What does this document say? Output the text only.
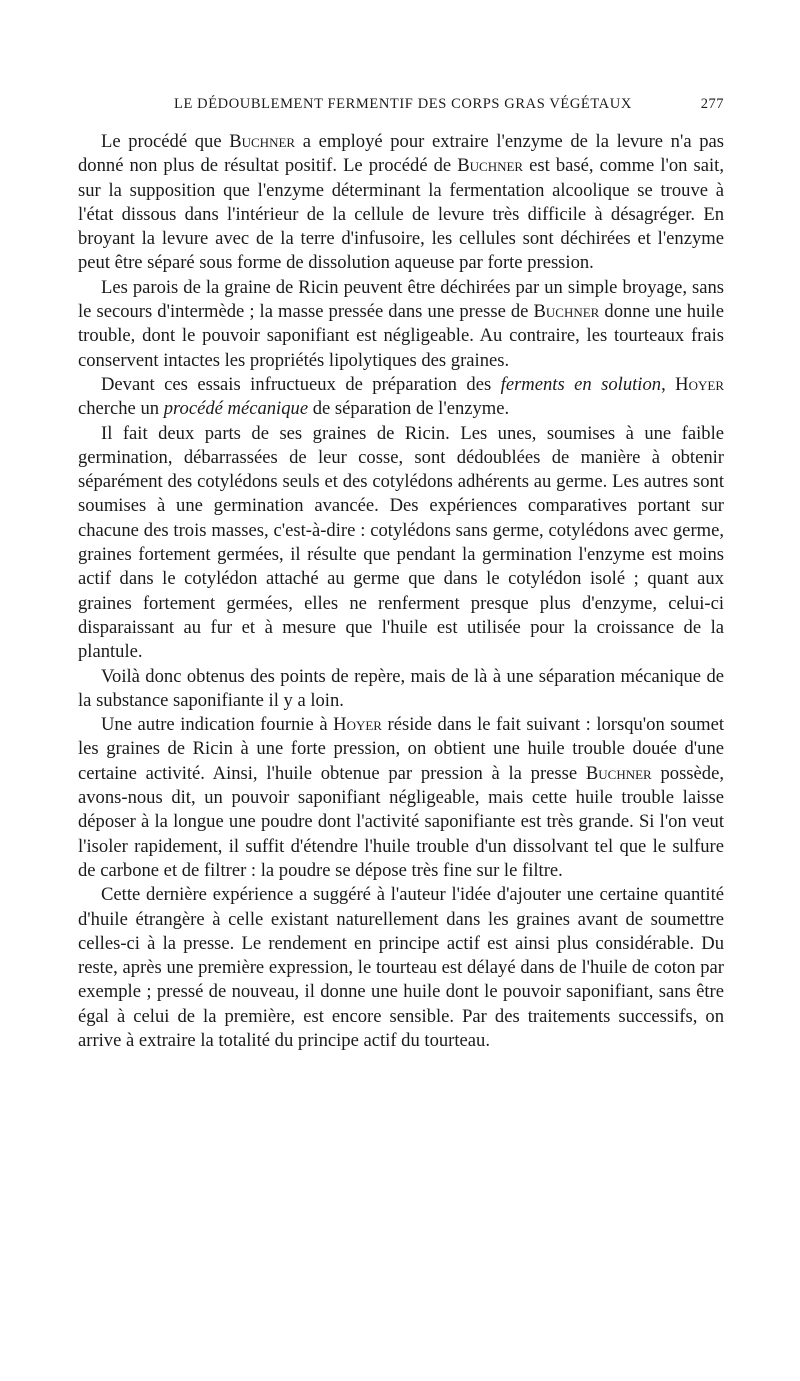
LE DÉDOUBLEMENT FERMENTIF DES CORPS GRAS VÉGÉTAUX	277

Le procédé que Buchner a employé pour extraire l'enzyme de la levure n'a pas donné non plus de résultat positif. Le procédé de Buchner est basé, comme l'on sait, sur la supposition que l'enzyme déterminant la fermentation alcoolique se trouve à l'état dissous dans l'intérieur de la cellule de levure très difficile à désagréger. En broyant la levure avec de la terre d'infusoire, les cellules sont déchirées et l'enzyme peut être séparé sous forme de dissolution aqueuse par forte pression.

Les parois de la graine de Ricin peuvent être déchirées par un simple broyage, sans le secours d'intermède ; la masse pressée dans une presse de Buchner donne une huile trouble, dont le pouvoir saponifiant est négligeable. Au contraire, les tourteaux frais conservent intactes les propriétés lipolytiques des graines.

Devant ces essais infructueux de préparation des ferments en solution, Hoyer cherche un procédé mécanique de séparation de l'enzyme.

Il fait deux parts de ses graines de Ricin. Les unes, soumises à une faible germination, débarrassées de leur cosse, sont dédoublées de manière à obtenir séparément des cotylédons seuls et des cotylédons adhérents au germe. Les autres sont soumises à une germination avancée. Des expériences comparatives portant sur chacune des trois masses, c'est-à-dire : cotylédons sans germe, cotylédons avec germe, graines fortement germées, il résulte que pendant la germination l'enzyme est moins actif dans le cotylédon attaché au germe que dans le cotylédon isolé ; quant aux graines fortement germées, elles ne renferment presque plus d'enzyme, celui-ci disparaissant au fur et à mesure que l'huile est utilisée pour la croissance de la plantule.

Voilà donc obtenus des points de repère, mais de là à une séparation mécanique de la substance saponifiante il y a loin.

Une autre indication fournie à Hoyer réside dans le fait suivant : lorsqu'on soumet les graines de Ricin à une forte pression, on obtient une huile trouble douée d'une certaine activité. Ainsi, l'huile obtenue par pression à la presse Buchner possède, avons-nous dit, un pouvoir saponifiant négligeable, mais cette huile trouble laisse déposer à la longue une poudre dont l'activité saponifiante est très grande. Si l'on veut l'isoler rapidement, il suffit d'étendre l'huile trouble d'un dissolvant tel que le sulfure de carbone et de filtrer : la poudre se dépose très fine sur le filtre.

Cette dernière expérience a suggéré à l'auteur l'idée d'ajouter une certaine quantité d'huile étrangère à celle existant naturellement dans les graines avant de soumettre celles-ci à la presse. Le rendement en principe actif est ainsi plus considérable. Du reste, après une première expression, le tourteau est délayé dans de l'huile de coton par exemple ; pressé de nouveau, il donne une huile dont le pouvoir saponifiant, sans être égal à celui de la première, est encore sensible. Par des traitements successifs, on arrive à extraire la totalité du principe actif du tourteau.
